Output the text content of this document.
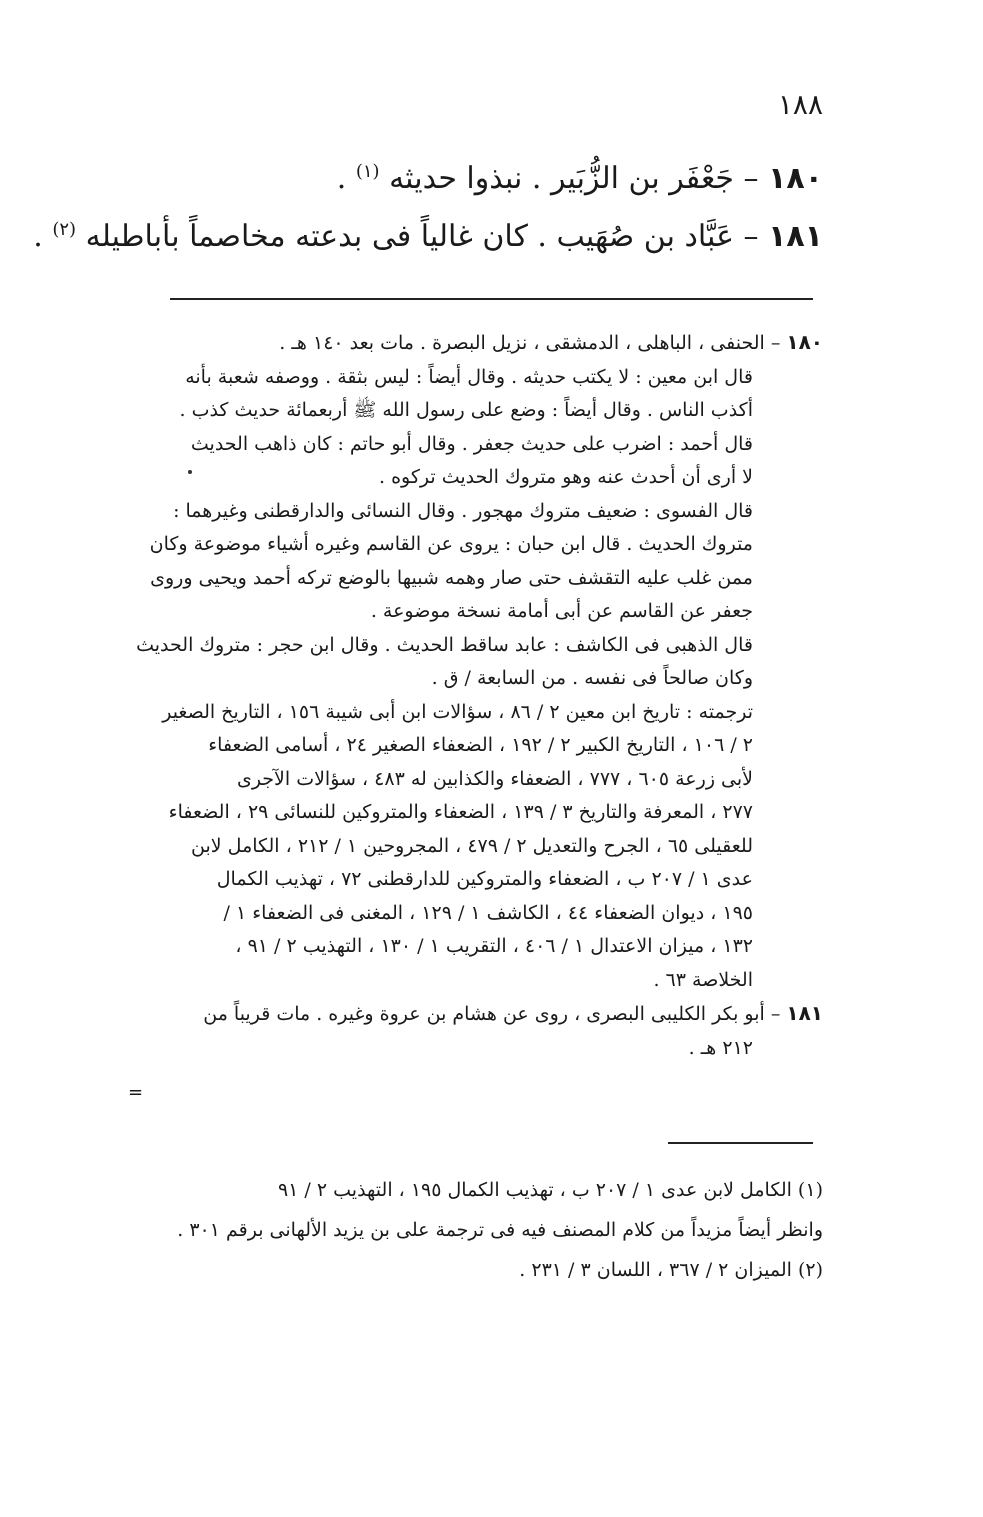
١٨٨
١٨٠ – جَعْفَر بن الزُّبَير . نبذوا حديثه $^{(١)}$ .
١٨١ – عَبَّاد بن صُهَيب . كان غالياً فى بدعته مخاصماً بأباطيله $^{(٢)}$ .
١٨٠ – الحنفى ، الباهلى ، الدمشقى ، نزيل البصرة . مات بعد ١٤٠ هـ .
قال ابن معين : لا يكتب حديثه . وقال أيضاً : ليس بثقة . ووصفه شعبة بأنه
أكذب الناس . وقال أيضاً : وضع على رسول الله ﷺ أربعمائة حديث كذب .
قال أحمد : اضرب على حديث جعفر . وقال أبو حاتم : كان ذاهب الحديث
لا أرى أن أحدث عنه وهو متروك الحديث تركوه .
قال الفسوى : ضعيف متروك مهجور . وقال النسائى والدارقطنى وغيرهما :
متروك الحديث . قال ابن حبان : يروى عن القاسم وغيره أشياء موضوعة وكان
ممن غلب عليه التقشف حتى صار وهمه شبيها بالوضع تركه أحمد ويحيى وروى
جعفر عن القاسم عن أبى أمامة نسخة موضوعة .
قال الذهبى فى الكاشف : عابد ساقط الحديث . وقال ابن حجر : متروك الحديث
وكان صالحاً فى نفسه . من السابعة / ق .
ترجمته : تاريخ ابن معين ٢ / ٨٦ ، سؤالات ابن أبى شيبة ١٥٦ ، التاريخ الصغير
٢ / ١٠٦ ، التاريخ الكبير ٢ / ١٩٢ ، الضعفاء الصغير ٢٤ ، أسامى الضعفاء
لأبى زرعة ٦٠٥ ، ٧٧٧ ، الضعفاء والكذابين له ٤٨٣ ، سؤالات الآجرى
٢٧٧ ، المعرفة والتاريخ ٣ / ١٣٩ ، الضعفاء والمتروكين للنسائى ٢٩ ، الضعفاء
للعقيلى ٦٥ ، الجرح والتعديل ٢ / ٤٧٩ ، المجروحين ١ / ٢١٢ ، الكامل لابن
عدى ١ / ٢٠٧ ب ، الضعفاء والمتروكين للدارقطنى ٧٢ ، تهذيب الكمال
١٩٥ ، ديوان الضعفاء ٤٤ ، الكاشف ١ / ١٢٩ ، المغنى فى الضعفاء ١ /
١٣٢ ، ميزان الاعتدال ١ / ٤٠٦ ، التقريب ١ / ١٣٠ ، التهذيب ٢ / ٩١ ،
الخلاصة ٦٣ .
١٨١ – أبو بكر الكليبى البصرى ، روى عن هشام بن عروة وغيره . مات قريباً من
٢١٢ هـ .
=
(١) الكامل لابن عدى ١ / ٢٠٧ ب ، تهذيب الكمال ١٩٥ ، التهذيب ٢ / ٩١
وانظر أيضاً مزيداً من كلام المصنف فيه فى ترجمة على بن يزيد الألهانى برقم ٣٠١ .
(٢) الميزان ٢ / ٣٦٧ ، اللسان ٣ / ٢٣١ .
